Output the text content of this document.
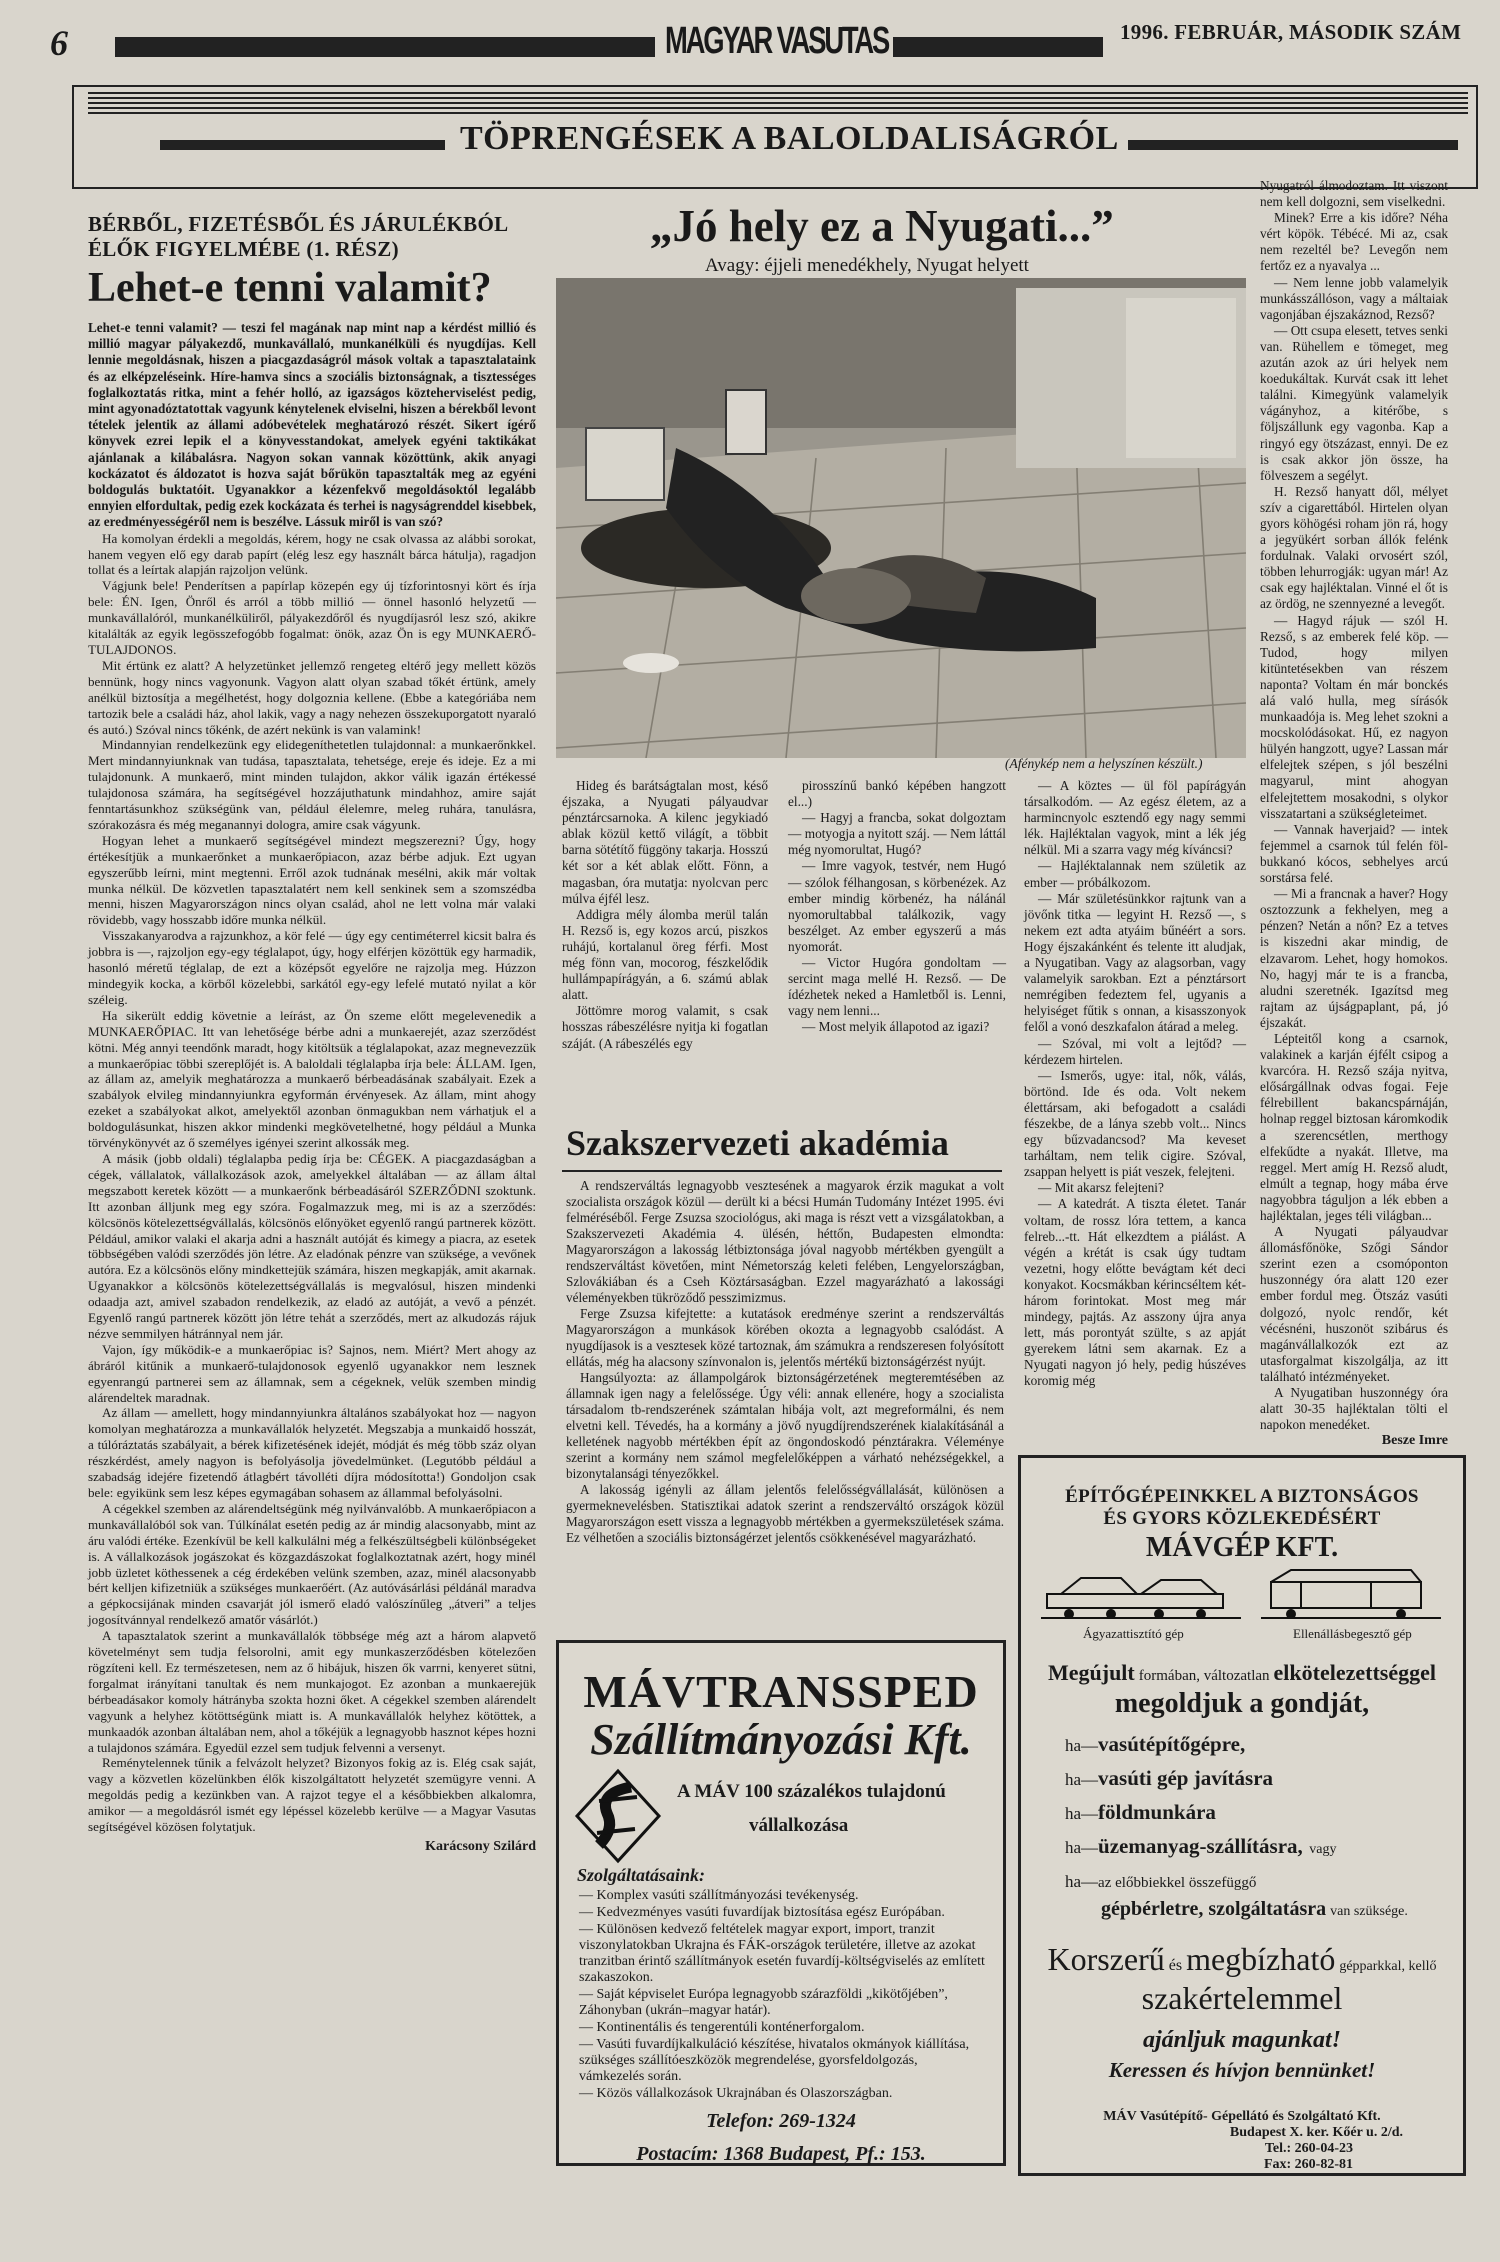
6	MAGYAR VASUTAS	1996. FEBRUÁR, MÁSODIK SZÁM
TÖPRENGÉSEK A BALOLDALISÁGRÓL
BÉRBŐL, FIZETÉSBŐL ÉS JÁRULÉKBÓL
ÉLŐK FIGYELMÉBE (1. RÉSZ)
Lehet-e tenni valamit?
Lehet-e tenni valamit? — teszi fel magának nap mint nap a kérdést millió és millió magyar pályakezdő, munkavállaló, munkanélküli és nyugdíjas. Kell lennie megoldásnak, hiszen a piacgazdaságról mások voltak a tapasztalataink és az elképzeléseink. Híre-hamva sincs a szociális biztonságnak, a tisztességes foglalkoztatás ritka, mint a fehér holló, az igazságos közteherviselést pedig, mint agyonadóztatottak vagyunk kénytelenek elviselni, hiszen a bérekből levont tételek jelentik az állami adóbevételek meghatározó részét. Sikert ígérő könyvek ezrei lepik el a könyvesstandokat, amelyek egyéni taktikákat ajánlanak a kilábalásra. Nagyon sokan vannak közöttünk, akik anyagi kockázatot és áldozatot is hozva saját bőrükön tapasztalták meg az egyéni boldogulás buktatóit. Ugyanakkor a kézenfekvő megoldásoktól legalább ennyien elfordultak, pedig ezek kockázata és terhei is nagyságrenddel kisebbek, az eredményességéről nem is beszélve. Lássuk miről is van szó?

Ha komolyan érdekli a megoldás, kérem, hogy ne csak olvassa az alábbi sorokat, hanem vegyen elő egy darab papírt (elég lesz egy használt bárca hátulja), ragadjon tollat és a leírtak alapján rajzoljon velünk.

Vágjunk bele! Penderítsen a papírlap közepén egy új tízforintosnyi kört és írja bele: ÉN. Igen, Önről és arról a több millió — önnel hasonló helyzetű — munkavállalóról, munkanélküliről, pályakezdőről és nyugdíjasról lesz szó, akikre kitalálták az egyik legösszefogóbb fogalmat: önök, azaz Ön is egy MUNKAERŐ-TULAJDONOS.

Mit értünk ez alatt? A helyzetünket jellemző rengeteg eltérő jegy mellett közös bennünk, hogy nincs vagyonunk. Vagyon alatt olyan szabad tőkét értünk, amely anélkül biztosítja a megélhetést, hogy dolgoznia kellene. (Ebbe a kategóriába nem tartozik bele a családi ház, ahol lakik, vagy a nagy nehezen összekuporgatott nyaraló és autó.) Szóval nincs tőkénk, de azért nekünk is van valamink!

Mindannyian rendelkezünk egy elidegeníthetetlen tulajdonnal: a munkaerőnkkel. Mert mindannyiunknak van tudása, tapasztalata, tehetsége, ereje és ideje. Ez a mi tulajdonunk. A munkaerő, mint minden tulajdon, akkor válik igazán értékessé tulajdonosa számára, ha segítségével hozzájuthatunk mindahhoz, amire saját fenntartásunkhoz szükségünk van, például élelemre, meleg ruhára, tanulásra, szórakozásra és még meganannyi dologra, amire csak vágyunk.

Hogyan lehet a munkaerő segítségével mindezt megszerezni? Úgy, hogy értékesítjük a munkaerőnket a munkaerőpiacon, azaz bérbe adjuk. Ezt ugyan egyszerűbb leírni, mint megtenni. Erről azok tudnának mesélni, akik már voltak munka nélkül. De közvetlen tapasztalatért nem kell senkinek sem a szomszédba menni, hiszen Magyarországon nincs olyan család, ahol ne lett volna már valaki rövidebb, vagy hosszabb időre munka nélkül.

Visszakanyarodva a rajzunkhoz, a kör felé — úgy egy centiméterrel kicsit balra és jobbra is —, rajzoljon egy-egy téglalapot, úgy, hogy elférjen közöttük egy harmadik, hasonló méretű téglalap, de ezt a középsőt egyelőre ne rajzolja meg. Húzzon mindegyik kocka, a körből közelebbi, sarkától egy-egy lefelé mutató nyilat a kör széleig.

Ha sikerült eddig követnie a leírást, az Ön szeme előtt megelevenedik a MUNKAERŐPIAC. Itt van lehetősége bérbe adni a munkaerejét, azaz szerződést kötni. Még annyi teendőnk maradt, hogy kitöltsük a téglalapokat, azaz megnevezzük a munkaerőpiac többi szereplőjét is. A baloldali téglalapba írja bele: ÁLLAM. Igen, az állam az, amelyik meghatározza a munkaerő bérbeadásának szabályait. Ezek a szabályok elvileg mindannyiunkra egyformán érvényesek. Az állam, mint ahogy ezeket a szabályokat alkot, amelyektől azonban önmagukban nem várhatjuk el a boldogulásunkat, hiszen akkor mindenki megkövetelhetné, hogy például a Munka törvénykönyvét az ő személyes igényei szerint alkossák meg.

A másik (jobb oldali) téglalapba pedig írja be: CÉGEK. A piacgazdaságban a cégek, vállalatok, vállalkozások azok, amelyekkel általában — az állam által megszabott keretek között — a munkaerőnk bérbeadásáról SZERZŐDNI szoktunk. Itt azonban álljunk meg egy szóra. Fogalmazzuk meg, mi is az a szerződés: kölcsönös kötelezettségvállalás, kölcsönös előnyöket egyenlő rangú partnerek között. Például, amikor valaki el akarja adni a használt autóját és kimegy a piacra, az esetek többségében valódi szerződés jön létre. Az eladónak pénzre van szüksége, a vevőnek autóra. Ez a kölcsönös előny mindkettejük számára, hiszen megkapják, amit akarnak. Ugyanakkor a kölcsönös kötelezettségvállalás is megvalósul, hiszen mindenki odaadja azt, amivel szabadon rendelkezik, az eladó az autóját, a vevő a pénzét. Egyenlő rangú partnerek között jön létre tehát a szerződés, mert az alkudozás rájuk nézve semmilyen hátránnyal nem jár.

Vajon, így működik-e a munkaerőpiac is? Sajnos, nem. Miért? Mert ahogy az ábráról kitűnik a munkaerő-tulajdonosok egyenlő ugyanakkor nem lesznek egyenrangú partnerei sem az államnak, sem a cégeknek, velük szemben mindig alárendeltek maradnak.

Az állam — amellett, hogy mindannyiunkra általános szabályokat hoz — nagyon komolyan meghatározza a munkavállalók helyzetét. Megszabja a munkaidő hosszát, a túlóráztatás szabályait, a bérek kifizetésének idejét, módját és még több száz olyan részkérdést, amely nagyon is befolyásolja jövedelmünket. (Legutóbb például a szabadság idejére fizetendő átlagbért távolléti díjra módosította!) Gondoljon csak bele: egyikünk sem lesz képes egymagában sohasem az állammal befolyásolni.

A cégekkel szemben az alárendeltségünk még nyilvánvalóbb. A munkaerőpiacon a munkavállalóból sok van. Túlkínálat esetén pedig az ár mindig alacsonyabb, mint az áru valódi értéke. Ezenkívül be kell kalkulálni még a felkészültségbeli különbségeket is. A vállalkozások jogászokat és közgazdászokat foglalkoztatnak azért, hogy minél jobb üzletet köthessenek a cég érdekében velünk szemben, azaz, minél alacsonyabb bért kelljen kifizetniük a szükséges munkaerőért. (Az autóvásárlási példánál maradva a gépkocsijának minden csavarját jól ismerő eladó valószínűleg „átveri” a teljes jogosítvánnyal rendelkező amatőr vásárlót.)

A tapasztalatok szerint a munkavállalók többsége még azt a három alapvető követelményt sem tudja felsorolni, amit egy munkaszerződésben kötelezően rögzíteni kell. Ez természetesen, nem az ő hibájuk, hiszen ők varrni, kenyeret sütni, forgalmat irányítani tanultak és nem munkajogot. Ez azonban a munkaerejük bérbeadásakor komoly hátrányba szokta hozni őket. A cégekkel szemben alárendelt vagyunk a helyhez kötöttségünk miatt is. A munkavállalók helyhez kötöttek, a munkaadók azonban általában nem, ahol a tőkéjük a legnagyobb hasznot képes hozni a tulajdonos számára. Egyedül ezzel sem tudjuk felvenni a versenyt.

Reménytelennek tűnik a felvázolt helyzet? Bizonyos fokig az is. Elég csak saját, vagy a közvetlen közelünkben élők kiszolgáltatott helyzetét szemügyre venni. A megoldás pedig a kezünkben van. A rajzot tegye el a későbbiekben alkalomra, amikor — a megoldásról ismét egy lépéssel közelebb kerülve — a Magyar Vasutas segítségével közösen folytatjuk.

Karácsony Szilárd
„Jó hely ez a Nyugati...”
Avagy: éjjeli menedékhely, Nyugat helyett
(Afénykép nem a helyszínen készült.)

Hideg és barátságtalan most, késő éjszaka, a Nyugati pályaudvar pénztárcsarnoka. A kilenc jegykiadó ablak közül kettő világít, a többit barna sötétítő függöny takarja. Hosszú két sor a két ablak előtt. Fönn, a magasban, óra mutatja: nyolcvan perc múlva éjfél lesz.

Addigra mély álomba merül talán H. Rezső is, egy kozos arcú, piszkos ruhájú, kortalanul öreg férfi. Most még fönn van, mocorog, fészkelődik hullámpapírágyán, a 6. számú ablak alatt.

Jöttömre morog valamit, s csak hosszas rábeszélésre nyitja ki fogatlan száját. (A rábeszélés egy

pirosszínű bankó képében hangzott el...)

— Hagyj a francba, sokat dolgoztam — motyogja a nyitott száj. — Nem láttál még nyomorultat, Hugó?

— Imre vagyok, testvér, nem Hugó — szólok félhangosan, s körbenézek. Az ember mindig körbenéz, ha nálánál nyomorultabbal találkozik, vagy beszélget. Az ember egyszerű a más nyomorát.

— Victor Hugóra gondoltam — sercint maga mellé H. Rezső. — De ídézhetek neked a Hamletből is. Lenni, vagy nem lenni...

— Most melyik állapotod az igazi?

— A köztes — ül föl papírágyán társalkodóm. — Az egész életem, az a harmincnyolc esztendő egy nagy semmi lék. Hajléktalan vagyok, mint a lék jég nélkül. Mi a szarra vagy még kíváncsi?

— Hajléktalannak nem születik az ember — próbálkozom.

— Már születésünkkor rajtunk van a jövőnk titka — legyint H. Rezső —, s nekem ezt adta atyáim bűnéért a sors. Hogy éjszakánként és telente itt aludjak, a Nyugatiban. Vagy az alagsorban, vagy valamelyik sarokban. Ezt a pénztársort nemrégiben fedeztem fel, ugyanis a helyiséget fűtik s onnan, a kisasszonyok felől a vonó deszkafalon átárad a meleg.

— Szóval, mi volt a lejtőd? — kérdezem hirtelen.

— Ismerős, ugye: ital, nők, válás, börtönd. Ide és oda. Volt nekem élettársam, aki befogadott a családi fészekbe, de a lánya szebb volt... Nincs egy bűzvadancsod? Ma keveset tarháltam, nem telik cigire. Szóval, zsappan helyett is piát veszek, felejteni.

— Mit akarsz felejteni?

— A katedrát. A tiszta életet. Tanár voltam, de rossz lóra tettem, a kanca felreb...-tt. Hát elkezdtem a piálást. A végén a krétát is csak úgy tudtam vezetni, hogy előtte bevágtam két deci konyakot. Kocsmákban kérincséltem két-három forintokat. Most meg már mindegy, pajtás. Az asszony újra anya lett, más porontyát szülte, s az apját gyerekem látni sem akarnak. Ez a Nyugati nagyon jó hely, pedig húszéves koromig még

Nyugatról álmodoztam. Itt viszont nem kell dolgozni, sem viselkedni.

Minek? Erre a kis időre? Néha vért köpök. Tébécé. Mi az, csak nem rezeltél be? Levegőn nem fertőz ez a nyavalya ...

— Nem lenne jobb valamelyik munkásszállóson, vagy a máltaiak vagonjában éjszakáznod, Rezső?

— Ott csupa elesett, tetves senki van. Rühellem e tömeget, meg azután azok az úri helyek nem koedukáltak. Kurvát csak itt lehet találni. Kimegyünk valamelyik vágányhoz, a kitérőbe, s följszállunk egy vagonba. Kap a ringyó egy ötszázast, ennyi. De ez is csak akkor jön össze, ha fölveszem a segélyt.

H. Rezső hanyatt dől, mélyet szív a cigarettából. Hirtelen olyan gyors köhögési roham jön rá, hogy a jegyükért sorban állók felénk fordulnak. Valaki orvosért szól, többen lehurrogják: ugyan már! Az csak egy hajléktalan. Vinné el őt is az ördög, ne szennyezné a levegőt.

— Hagyd rájuk — szól H. Rezső, s az emberek felé köp. — Tudod, hogy milyen kitüntetésekben van részem naponta? Voltam én már bonckés alá való hulla, meg sírásók munkaadója is. Meg lehet szokni a mocskolódásokat. Hű, ez nagyon hülyén hangzott, ugye? Lassan már elfelejtek szépen, s jól beszélni magyarul, mint ahogyan elfelejtettem mosakodni, s olykor visszatartani a szükségleteimet.

— Vannak haverjaid? — intek fejemmel a csarnok túl felén föl-bukkanó kócos, sebhelyes arcú sorstársa felé.

— Mi a francnak a haver? Hogy osztozzunk a fekhelyen, meg a pénzen? Netán a nőn? Ez a tetves is kiszedni akar mindig, de elzavarom. Lehet, hogy homokos. No, hagyj már te is a francba, aludni szeretnék. Igazítsd meg rajtam az újságpaplant, pá, jó éjszakát.

Lépteitől kong a csarnok, valakinek a karján éjfélt csipog a kvarcóra. H. Rezső szája nyitva, elősárgállnak odvas fogai. Feje félrebillent bakancspárnáján, holnap reggel biztosan káromkodik a szerencsétlen, merthogy elfekűdte a nyakát. Illetve, ma reggel. Mert amíg H. Rezső aludt, elmúlt a tegnap, hogy mába érve nagyobbra táguljon a lék ebben a hajléktalan, jeges téli világban...

A Nyugati pályaudvar állomásfőnöke, Szőgi Sándor szerint ezen a csomóponton huszonnégy óra alatt 120 ezer ember fordul meg. Ötszáz vasúti dolgozó, nyolc rendőr, két vécésnéni, huszonöt szibárus és magánvállalkozók ezt az utasforgalmat kiszolgálja, az itt található intézményeket.

A Nyugatiban huszonnégy óra alatt 30-35 hajléktalan tölti el napokon menedéket.

Besze Imre
Szakszervezeti akadémia

A rendszerváltás legnagyobb vesztesének a magyarok érzik magukat a volt szocialista országok közül — derült ki a bécsi Humán Tudomány Intézet 1995. évi felméréséből. Ferge Zsuzsa szociológus, aki maga is részt vett a vizsgálatokban, a Szakszervezeti Akadémia 4. ülésén, héttőn, Budapesten elmondta: Magyarországon a lakosság létbiztonsága jóval nagyobb mértékben gyengült a rendszerváltást követően, mint Németország keleti felében, Lengyelországban, Szlovákiában és a Cseh Köztársaságban. Ezzel magyarázható a lakossági véleményekben tükröződő pesszimizmus.

Ferge Zsuzsa kifejtette: a kutatások eredménye szerint a rendszerváltás Magyarországon a munkások körében okozta a legnagyobb csalódást. A nyugdíjasok is a vesztesek közé tartoznak, ám számukra a rendszeresen folyósított ellátás, még ha alacsony színvonalon is, jelentős mértékű biztonságérzést nyújt.

Hangsúlyozta: az állampolgárok biztonságérzetének megteremtésében az államnak igen nagy a felelőssége. Úgy véli: annak ellenére, hogy a szocialista társadalom tb-rendszerének számtalan hibája volt, azt megreformálni, és nem elvetni kell. Tévedés, ha a kormány a jövő nyugdíjrendszerének kialakításánál a kelletének nagyobb mértékben épít az öngondoskodó pénztárakra. Véleménye szerint a kormány nem számol megfelelőképpen a várható nehézségekkel, a bizonytalansági tényezőkkel.

A lakosság igényli az állam jelentős felelősségvállalását, különösen a gyermeknevelésben. Statisztikai adatok szerint a rendszerváltó országok közül Magyarországon esett vissza a legnagyobb mértékben a gyermekszületések száma. Ez vélhetően a szociális biztonságérzet jelentős csökkenésével magyarázható.

MÁVTRANSSPED
Szállítmányozási Kft.
A MÁV 100 százalékos tulajdonú
vállalkozása
Szolgáltatásaink:
— Komplex vasúti szállítmányozási tevékenység.
— Kedvezményes vasúti fuvardíjak biztosítása egész Európában.
— Különösen kedvező feltételek magyar export, import, tranzit viszonylatokban Ukrajna és FÁK-országok területére, illetve az azokat tranzitban érintő szállítmányok esetén fuvardíj-költségviselés az említett szakaszokon.
— Saját képviselet Európa legnagyobb szárazföldi „kikötőjében”, Záhonyban (ukrán–magyar határ).
— Kontinentális és tengerentúli konténerforgalom.
— Vasúti fuvardíjkalkuláció készítése, hivatalos okmányok kiállítása, szükséges szállítóeszközök megrendelése, gyorsfeldolgozás, vámkezelés során.
— Közös vállalkozások Ukrajnában és Olaszországban.
Telefon: 269-1324
Postacím: 1368 Budapest, Pf.: 153.
ÉPÍTŐGÉPEINKKEL A BIZTONSÁGOS
ÉS GYORS KÖZLEKEDÉSÉRT
MÁVGÉP KFT.
Ágyazattisztító gép	Ellenállásbegesztő gép
Megújult formában, változatlan elkötelezettséggel
megoldjuk a gondját,
ha—vasútépítőgépre,
ha—vasúti gép javításra
ha—földmunkára
ha—üzemanyag-szállításra, vagy
ha—az előbbiekkel összefüggő
gépbérletre, szolgáltatásra van szüksége.
Korszerű és megbízható gépparkkal, kellő
szakértelemmel
ajánljuk magunkat!
Keressen és hívjon bennünket!
MÁV Vasútépítő- Gépellátó és Szolgáltató Kft.
Budapest X. ker. Kőér u. 2/d.
Tel.: 260-04-23
Fax: 260-82-81
